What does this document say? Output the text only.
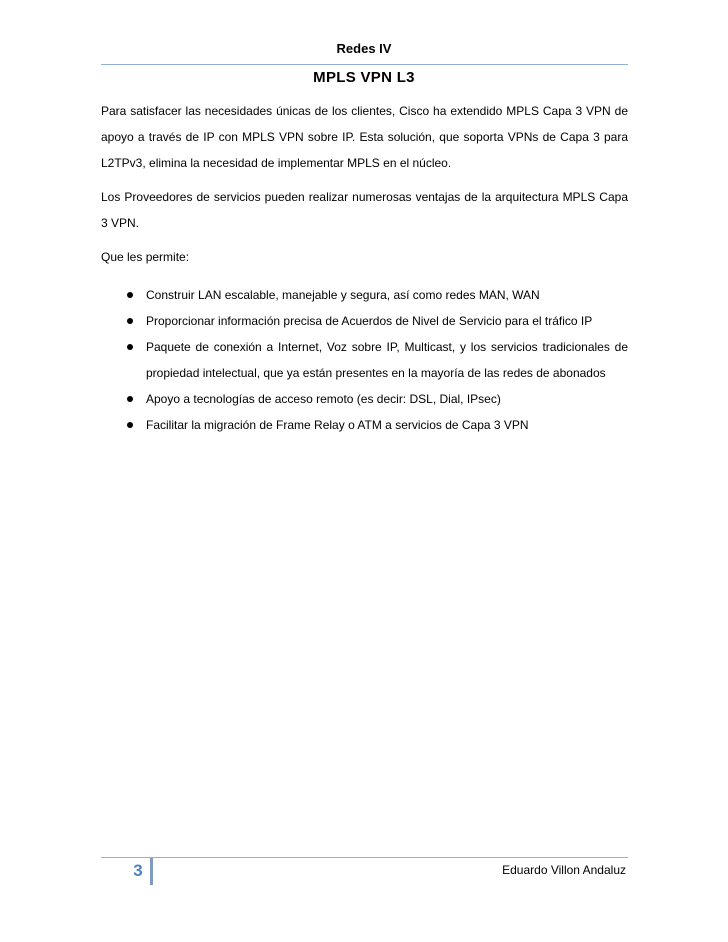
Redes IV
MPLS VPN L3

Para satisfacer las necesidades únicas de los clientes, Cisco ha extendido MPLS Capa 3 VPN de apoyo a través de IP con MPLS VPN sobre IP. Esta solución, que soporta VPNs de Capa 3 para L2TPv3, elimina la necesidad de implementar MPLS en el núcleo.

Los Proveedores de servicios pueden realizar numerosas ventajas de la arquitectura MPLS Capa 3 VPN.

Que les permite:

Construir LAN escalable, manejable y segura, así como redes MAN, WAN
Proporcionar información precisa de Acuerdos de Nivel de Servicio para el tráfico IP
Paquete de conexión a Internet, Voz sobre IP, Multicast, y los servicios tradicionales de propiedad intelectual, que ya están presentes en la mayoría de las redes de abonados
Apoyo a tecnologías de acceso remoto (es decir: DSL, Dial, IPsec)
Facilitar la migración de Frame Relay o ATM a servicios de Capa 3 VPN
3	Eduardo Villon Andaluz
